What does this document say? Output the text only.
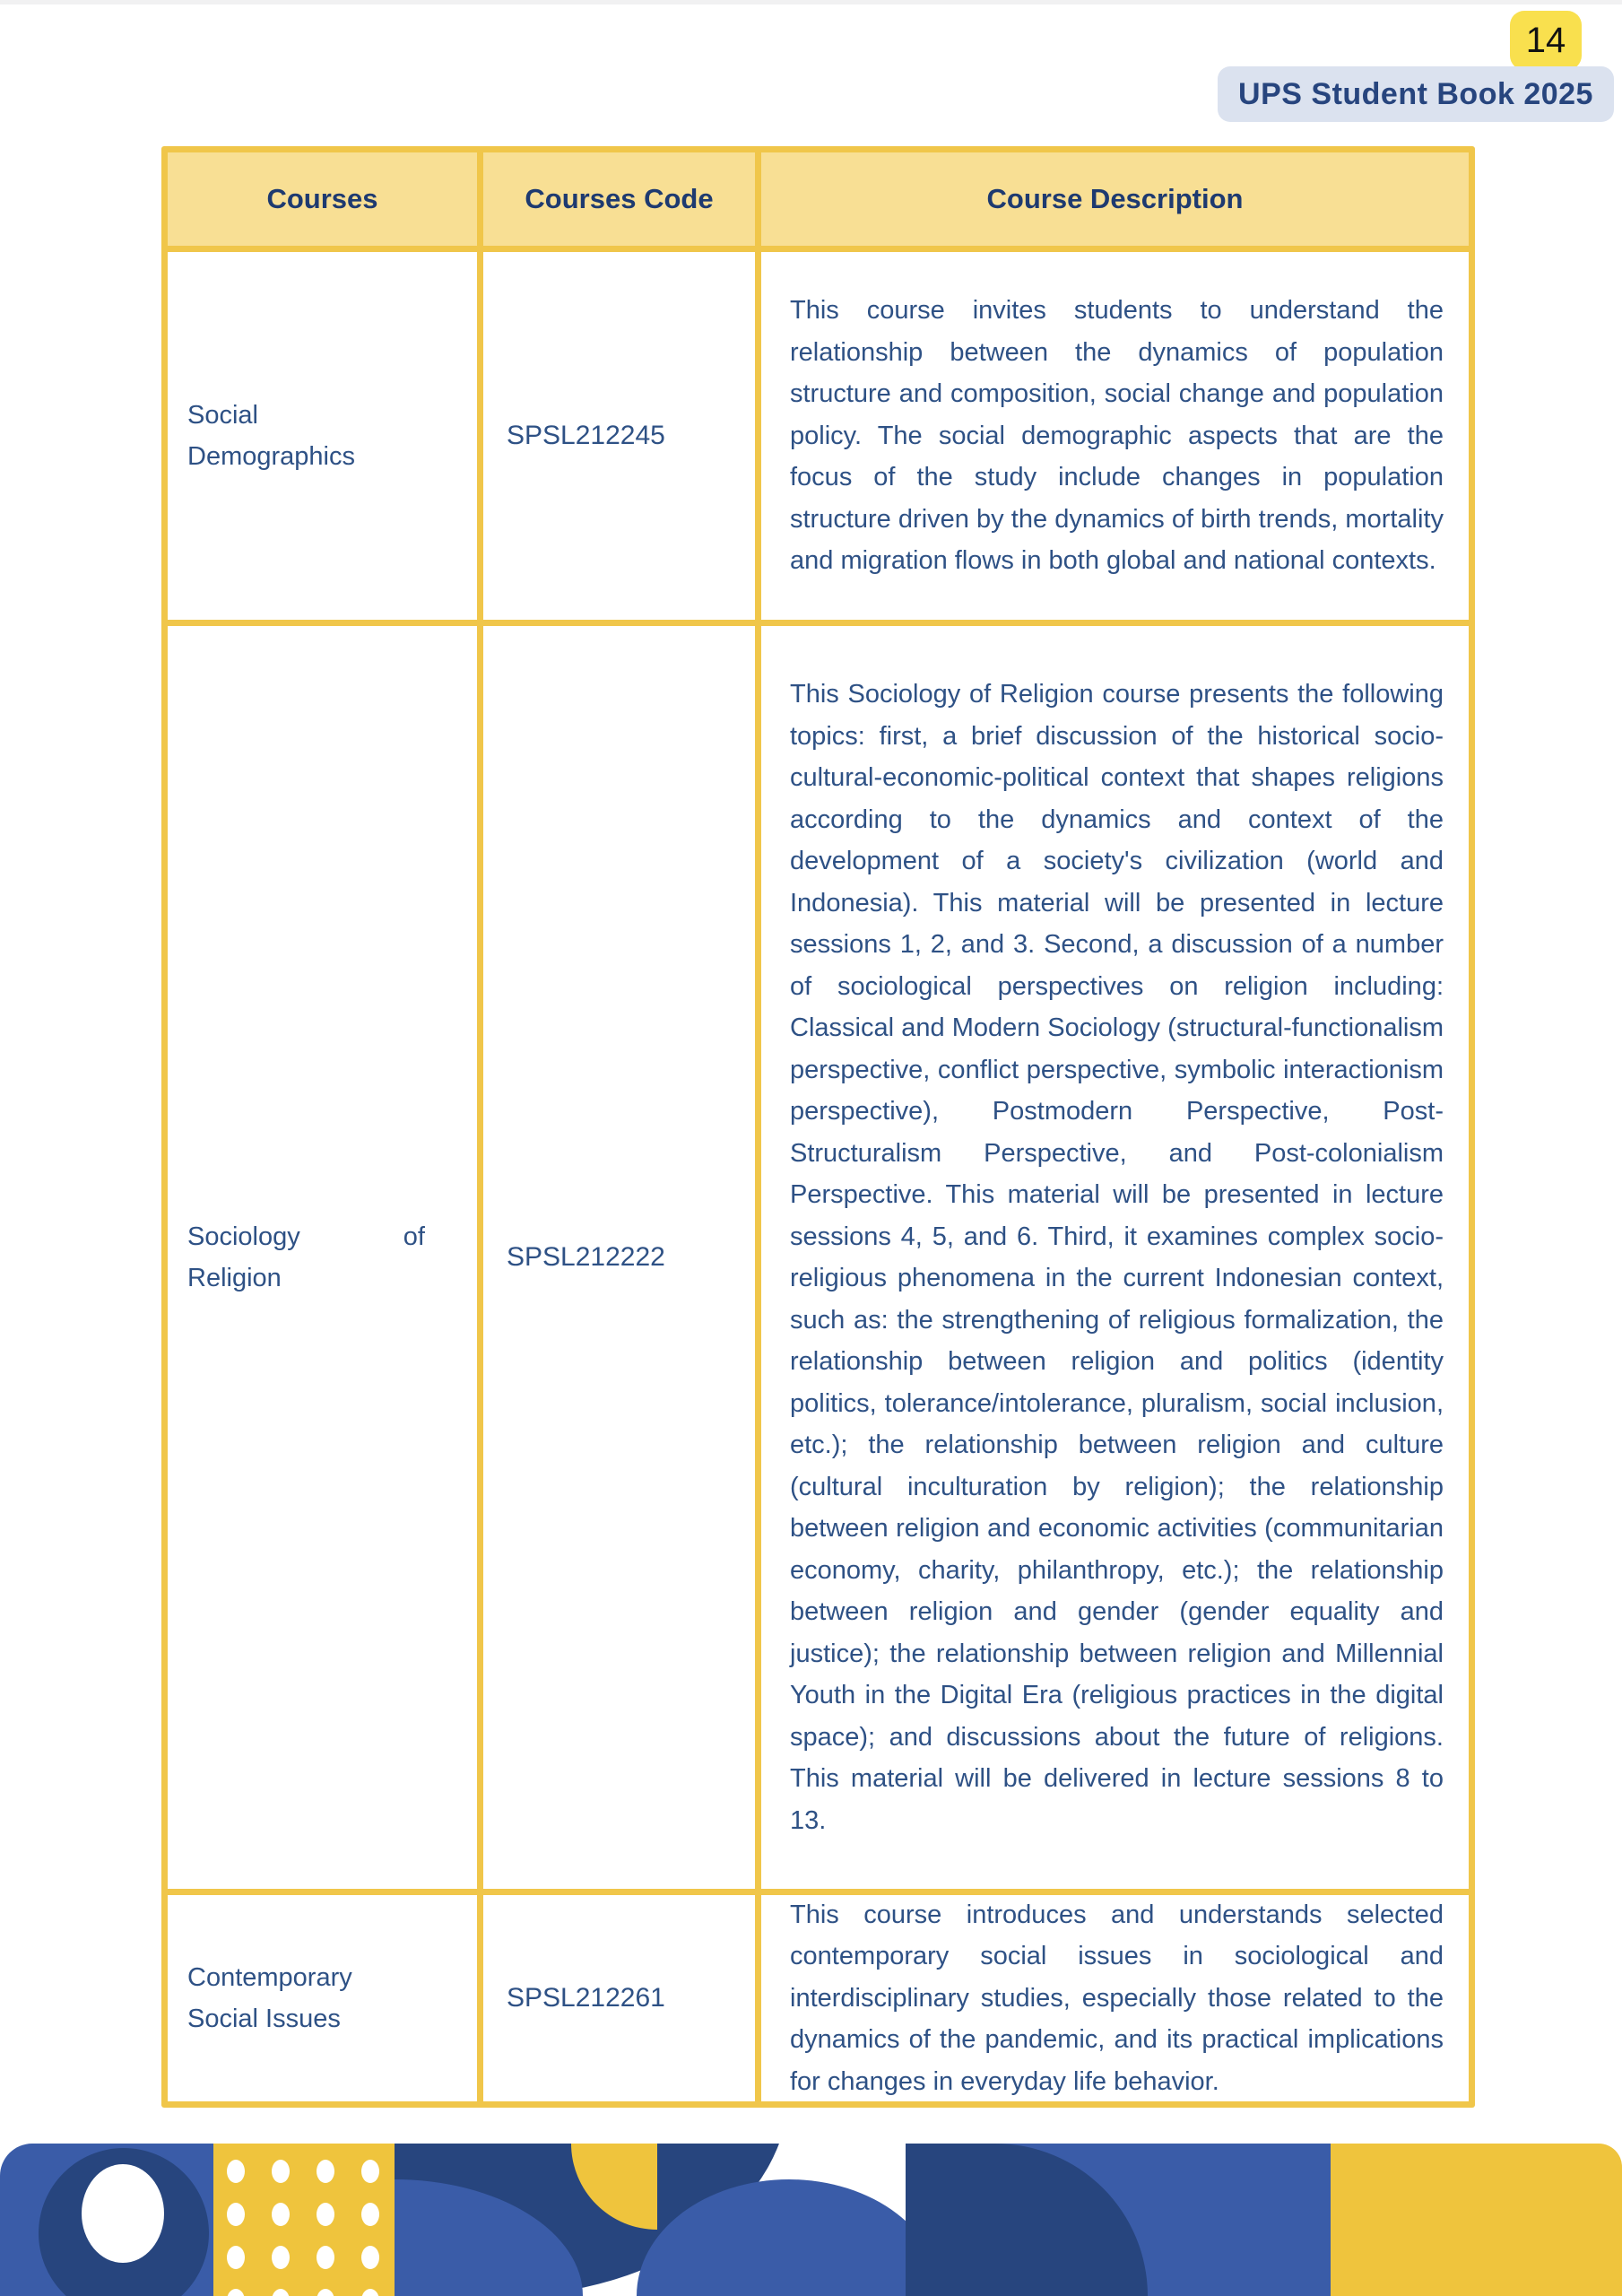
14
UPS Student Book 2025
Courses	Courses Code	Course Description
Social Demographics
SPSL212245
This course invites students to understand the relationship between the dynamics of population structure and composition, social change and population policy. The social demographic aspects that are the focus of the study include changes in population structure driven by the dynamics of birth trends, mortality and migration flows in both global and national contexts.
Sociology of Religion
SPSL212222
This Sociology of Religion course presents the following topics: first, a brief discussion of the historical socio-cultural-economic-political context that shapes religions according to the dynamics and context of the development of a society's civilization (world and Indonesia). This material will be presented in lecture sessions 1, 2, and 3. Second, a discussion of a number of sociological perspectives on religion including: Classical and Modern Sociology (structural-functionalism perspective, conflict perspective, symbolic interactionism perspective), Postmodern Perspective, Post-Structuralism Perspective, and Post-colonialism Perspective. This material will be presented in lecture sessions 4, 5, and 6. Third, it examines complex socio-religious phenomena in the current Indonesian context, such as: the strengthening of religious formalization, the relationship between religion and politics (identity politics, tolerance/intolerance, pluralism, social inclusion, etc.); the relationship between religion and culture (cultural inculturation by religion); the relationship between religion and economic activities (communitarian economy, charity, philanthropy, etc.); the relationship between religion and gender (gender equality and justice); the relationship between religion and Millennial Youth in the Digital Era (religious practices in the digital space); and discussions about the future of religions. This material will be delivered in lecture sessions 8 to 13.
Contemporary Social Issues
SPSL212261
This course introduces and understands selected contemporary social issues in sociological and interdisciplinary studies, especially those related to the dynamics of the pandemic, and its practical implications for changes in everyday life behavior.
